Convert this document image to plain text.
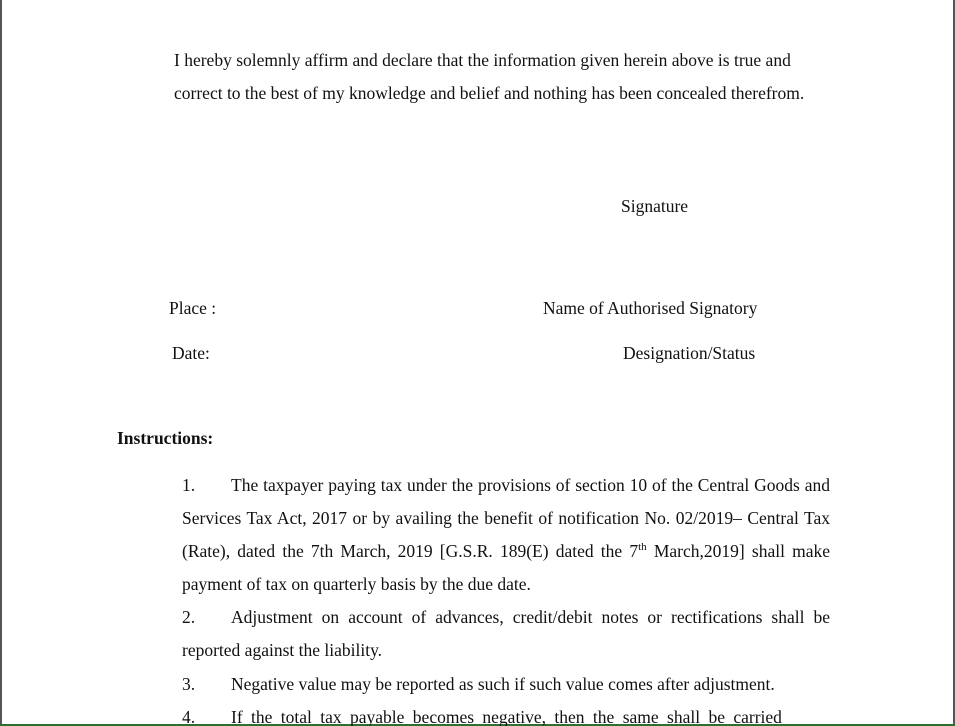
I hereby solemnly affirm and declare that the information given herein above is true and correct to the best of my knowledge and belief and nothing has been concealed therefrom.
Signature
Place :	Name of Authorised Signatory
Date:	Designation/Status
Instructions:
1. The taxpayer paying tax under the provisions of section 10 of the Central Goods and Services Tax Act, 2017 or by availing the benefit of notification No. 02/2019– Central Tax (Rate), dated the 7th March, 2019 [G.S.R. 189(E) dated the 7th March,2019] shall make payment of tax on quarterly basis by the due date.
2. Adjustment on account of advances, credit/debit notes or rectifications shall be reported against the liability.
3. Negative value may be reported as such if such value comes after adjustment.
4. If the total tax payable becomes negative, then the same shall be carried
